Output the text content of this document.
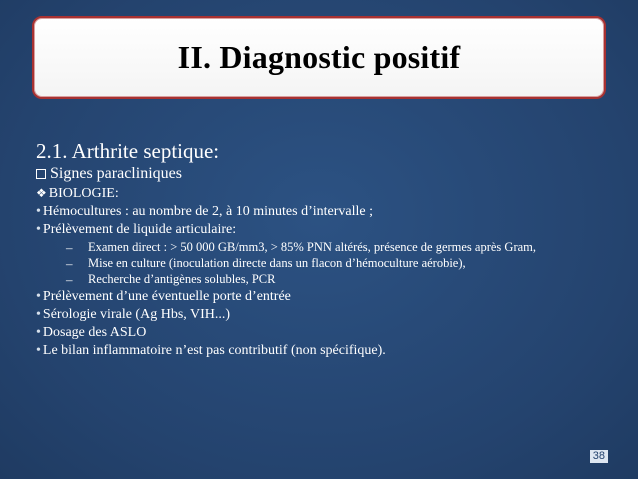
II. Diagnostic positif
2.1. Arthrite septique:
Signes paracliniques
❖ BIOLOGIE:
• Hémocultures : au nombre de 2, à 10 minutes d’intervalle ;
• Prélèvement de liquide articulaire:
–	Examen direct : > 50 000 GB/mm3, > 85% PNN altérés, présence de germes après Gram,
–	Mise en culture (inoculation directe dans un flacon d’hémoculture aérobie),
–	Recherche d’antigènes solubles, PCR
• Prélèvement d’une éventuelle porte d’entrée
• Sérologie virale (Ag Hbs, VIH...)
• Dosage des ASLO
• Le bilan inflammatoire n’est pas contributif (non spécifique).
38
